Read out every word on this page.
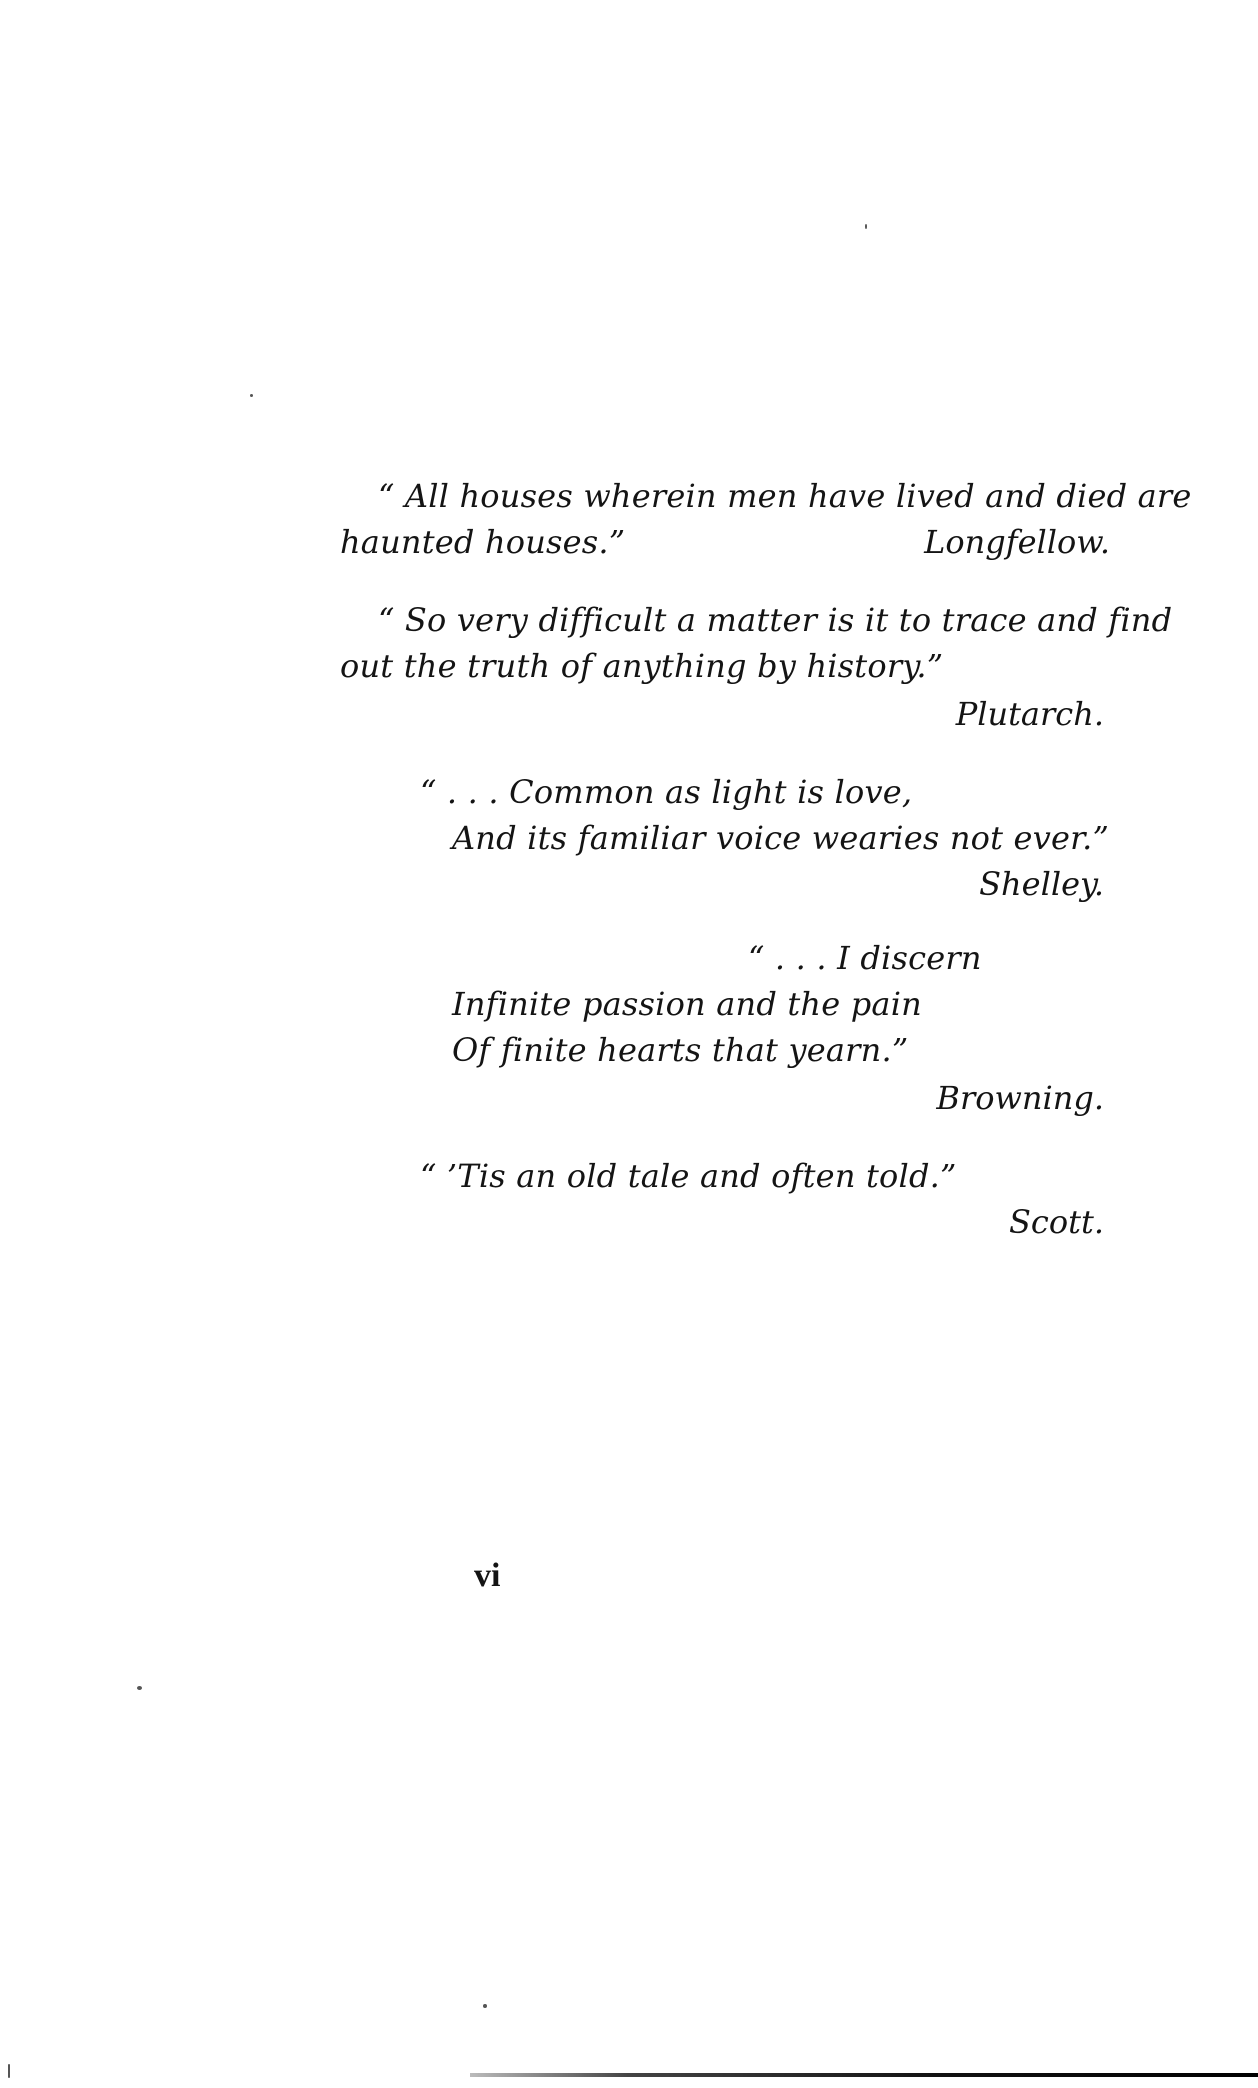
“ All houses wherein men have lived and died are
haunted houses.”	Longfellow.
“ So very difficult a matter is it to trace and find
out the truth of anything by history.”
Plutarch.
“ . . . Common as light is love,
And its familiar voice wearies not ever.”
Shelley.
“ . . . I discern
Infinite passion and the pain
Of finite hearts that yearn.”
Browning.
“ ’Tis an old tale and often told.”
Scott.
vi
